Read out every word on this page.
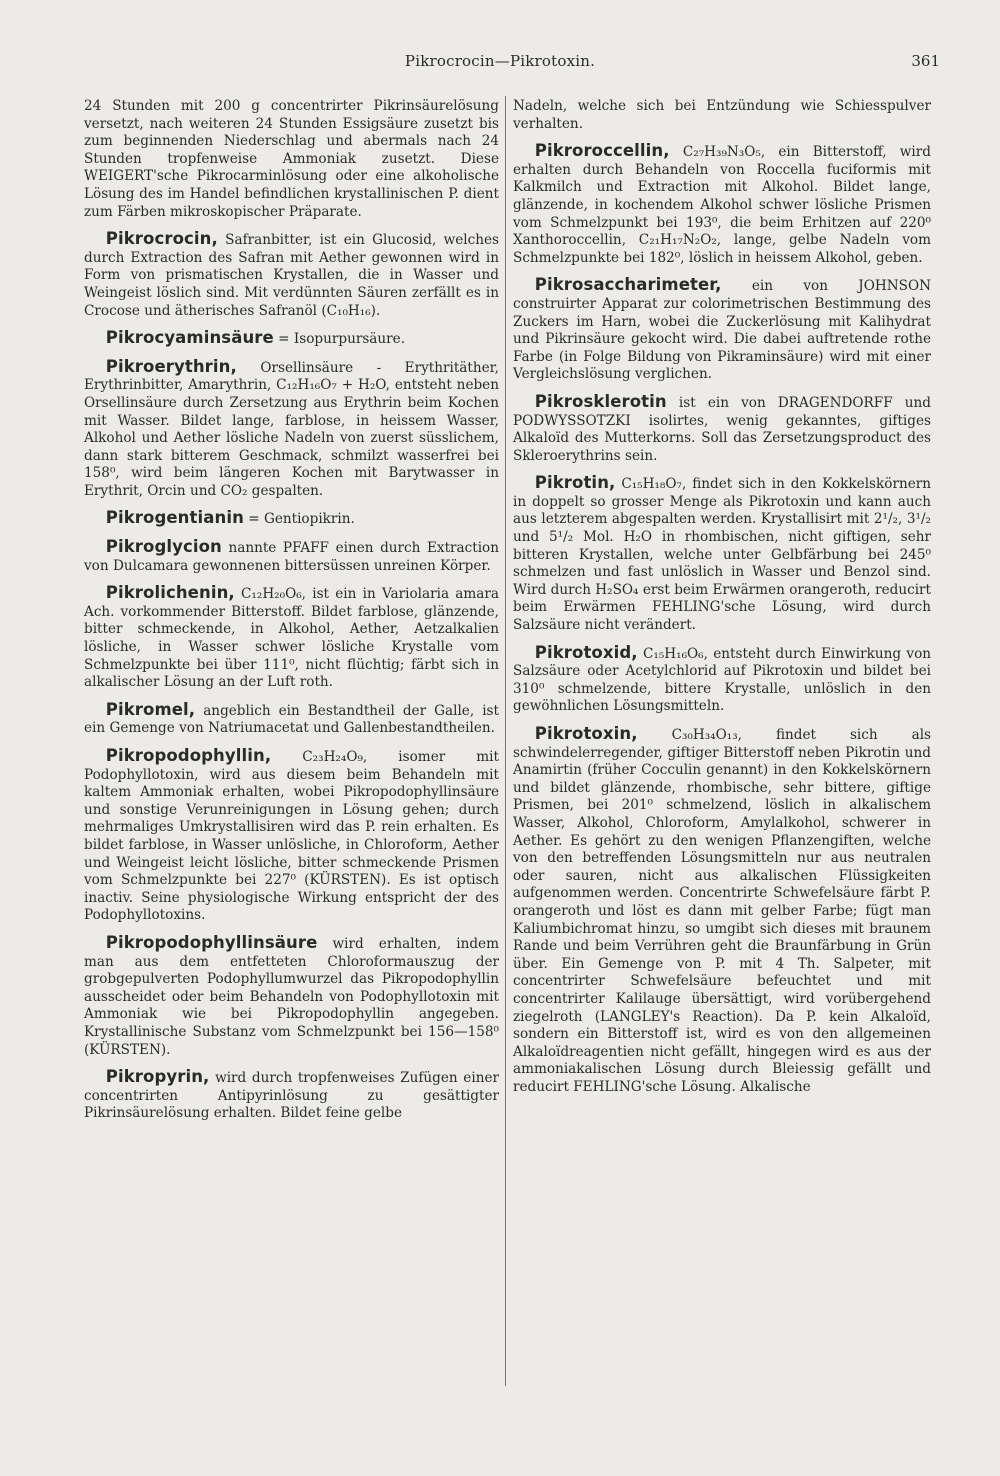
Pikrocrocin—Pikrotoxin.	361

24 Stunden mit 200 g concentrirter Pikrinsäurelösung versetzt, nach weiteren 24 Stunden Essigsäure zusetzt bis zum beginnenden Niederschlag und abermals nach 24 Stunden tropfenweise Ammoniak zusetzt. Diese WEIGERT'sche Pikrocarminlösung oder eine alkoholische Lösung des im Handel befindlichen krystallinischen P. dient zum Färben mikroskopischer Präparate.

Pikrocrocin, Safranbitter, ist ein Glucosid, welches durch Extraction des Safran mit Aether gewonnen wird in Form von prismatischen Krystallen, die in Wasser und Weingeist löslich sind. Mit verdünnten Säuren zerfällt es in Crocose und ätherisches Safranöl (C₁₀H₁₆).

Pikrocyaminsäure = Isopurpursäure.

Pikroerythrin, Orsellinsäure - Erythritäther, Erythrinbitter, Amarythrin, C₁₂H₁₆O₇ + H₂O, entsteht neben Orsellinsäure durch Zersetzung aus Erythrin beim Kochen mit Wasser. Bildet lange, farblose, in heissem Wasser, Alkohol und Aether lösliche Nadeln von zuerst süsslichem, dann stark bitterem Geschmack, schmilzt wasserfrei bei 158⁰, wird beim längeren Kochen mit Barytwasser in Erythrit, Orcin und CO₂ gespalten.

Pikrogentianin = Gentiopikrin.

Pikroglycion nannte PFAFF einen durch Extraction von Dulcamara gewonnenen bittersüssen unreinen Körper.

Pikrolichenin, C₁₂H₂₀O₆, ist ein in Variolaria amara Ach. vorkommender Bitterstoff. Bildet farblose, glänzende, bitter schmeckende, in Alkohol, Aether, Aetzalkalien lösliche, in Wasser schwer lösliche Krystalle vom Schmelzpunkte bei über 111⁰, nicht flüchtig; färbt sich in alkalischer Lösung an der Luft roth.

Pikromel, angeblich ein Bestandtheil der Galle, ist ein Gemenge von Natriumacetat und Gallenbestandtheilen.

Pikropodophyllin, C₂₃H₂₄O₉, isomer mit Podophyllotoxin, wird aus diesem beim Behandeln mit kaltem Ammoniak erhalten, wobei Pikropodophyllinsäure und sonstige Verunreinigungen in Lösung gehen; durch mehrmaliges Umkrystallisiren wird das P. rein erhalten. Es bildet farblose, in Wasser unlösliche, in Chloroform, Aether und Weingeist leicht lösliche, bitter schmeckende Prismen vom Schmelzpunkte bei 227⁰ (KÜRSTEN). Es ist optisch inactiv. Seine physiologische Wirkung entspricht der des Podophyllotoxins.

Pikropodophyllinsäure wird erhalten, indem man aus dem entfetteten Chloroformauszug der grobgepulverten Podophyllumwurzel das Pikropodophyllin ausscheidet oder beim Behandeln von Podophyllotoxin mit Ammoniak wie bei Pikropodophyllin angegeben. Krystallinische Substanz vom Schmelzpunkt bei 156—158⁰ (KÜRSTEN).

Pikropyrin, wird durch tropfenweises Zufügen einer concentrirten Antipyrinlösung zu gesättigter Pikrinsäurelösung erhalten. Bildet feine gelbe

Nadeln, welche sich bei Entzündung wie Schiesspulver verhalten.

Pikroroccellin, C₂₇H₃₉N₃O₅, ein Bitterstoff, wird erhalten durch Behandeln von Roccella fuciformis mit Kalkmilch und Extraction mit Alkohol. Bildet lange, glänzende, in kochendem Alkohol schwer lösliche Prismen vom Schmelzpunkt bei 193⁰, die beim Erhitzen auf 220⁰ Xanthoroccellin, C₂₁H₁₇N₂O₂, lange, gelbe Nadeln vom Schmelzpunkte bei 182⁰, löslich in heissem Alkohol, geben.

Pikrosaccharimeter, ein von JOHNSON construirter Apparat zur colorimetrischen Bestimmung des Zuckers im Harn, wobei die Zuckerlösung mit Kalihydrat und Pikrinsäure gekocht wird. Die dabei auftretende rothe Farbe (in Folge Bildung von Pikraminsäure) wird mit einer Vergleichslösung verglichen.

Pikrosklerotin ist ein von DRAGENDORFF und PODWYSSOTZKI isolirtes, wenig gekanntes, giftiges Alkaloïd des Mutterkorns. Soll das Zersetzungsproduct des Skleroerythrins sein.

Pikrotin, C₁₅H₁₈O₇, findet sich in den Kokkelskörnern in doppelt so grosser Menge als Pikrotoxin und kann auch aus letzterem abgespalten werden. Krystallisirt mit 2¹/₂, 3¹/₂ und 5¹/₂ Mol. H₂O in rhombischen, nicht giftigen, sehr bitteren Krystallen, welche unter Gelbfärbung bei 245⁰ schmelzen und fast unlöslich in Wasser und Benzol sind. Wird durch H₂SO₄ erst beim Erwärmen orangeroth, reducirt beim Erwärmen FEHLING'sche Lösung, wird durch Salzsäure nicht verändert.

Pikrotoxid, C₁₅H₁₆O₆, entsteht durch Einwirkung von Salzsäure oder Acetylchlorid auf Pikrotoxin und bildet bei 310⁰ schmelzende, bittere Krystalle, unlöslich in den gewöhnlichen Lösungsmitteln.

Pikrotoxin, C₃₀H₃₄O₁₃, findet sich als schwindelerregender, giftiger Bitterstoff neben Pikrotin und Anamirtin (früher Cocculin genannt) in den Kokkelskörnern und bildet glänzende, rhombische, sehr bittere, giftige Prismen, bei 201⁰ schmelzend, löslich in alkalischem Wasser, Alkohol, Chloroform, Amylalkohol, schwerer in Aether. Es gehört zu den wenigen Pflanzengiften, welche von den betreffenden Lösungsmitteln nur aus neutralen oder sauren, nicht aus alkalischen Flüssigkeiten aufgenommen werden. Concentrirte Schwefelsäure färbt P. orangeroth und löst es dann mit gelber Farbe; fügt man Kaliumbichromat hinzu, so umgibt sich dieses mit braunem Rande und beim Verrühren geht die Braunfärbung in Grün über. Ein Gemenge von P. mit 4 Th. Salpeter, mit concentrirter Schwefelsäure befeuchtet und mit concentrirter Kalilauge übersättigt, wird vorübergehend ziegelroth (LANGLEY's Reaction). Da P. kein Alkaloïd, sondern ein Bitterstoff ist, wird es von den allgemeinen Alkaloïdreagentien nicht gefällt, hingegen wird es aus der ammoniakalischen Lösung durch Bleiessig gefällt und reducirt FEHLING'sche Lösung. Alkalische
